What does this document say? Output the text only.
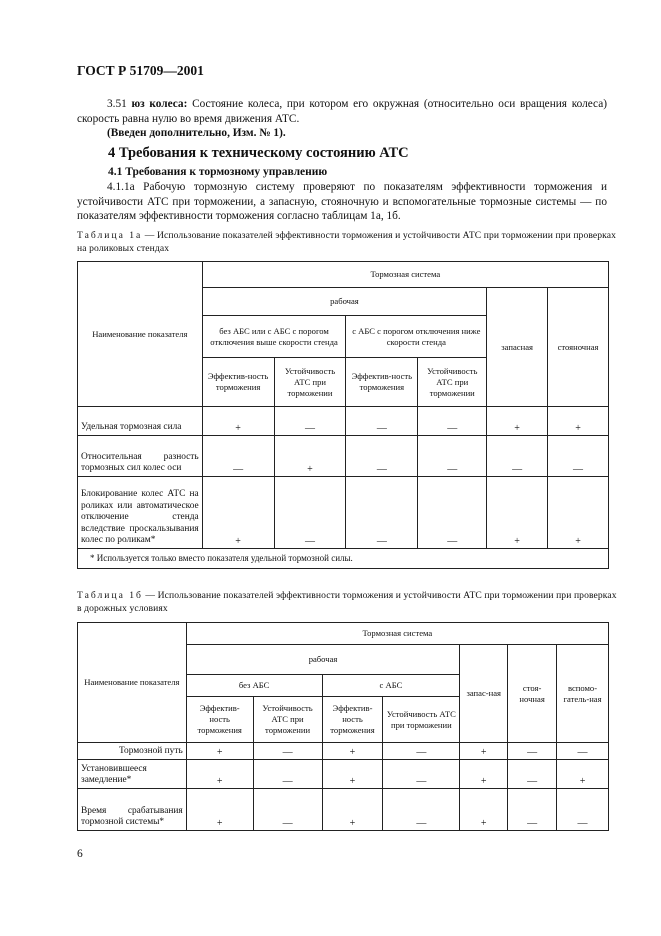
ГОСТ Р 51709—2001
3.51 юз колеса: Состояние колеса, при котором его окружная (относительно оси вращения колеса) скорость равна нулю во время движения АТС.
(Введен дополнительно, Изм. № 1).
4 Требования к техническому состоянию АТС
4.1 Требования к тормозному управлению
4.1.1а Рабочую тормозную систему проверяют по показателям эффективности торможения и устойчивости АТС при торможении, а запасную, стояночную и вспомогательные тормозные системы — по показателям эффективности торможения согласно таблицам 1а, 1б.
Таблица 1а — Использование показателей эффективности торможения и устойчивости АТС при торможении при проверках на роликовых стендах
Наименование показателя	Тормозная система					
	рабочая				запасная	стояночная
	без АБС или с АБС с порогом отключения выше скорости стенда		с АБС с порогом отключения ниже скорости стенда			
	Эффектив-ность торможения	Устойчивость АТС при торможении	Эффектив-ность торможения	Устойчивость АТС при торможении		
Удельная тормозная сила	+	—	—	—	+	+
Относительная разность тормозных сил колес оси	—	+	—	—	—	—
Блокирование колес АТС на роликах или автоматическое отключение стенда вследствие проскальзывания колес по роликам*	+	—	—	—	+	+
* Используется только вместо показателя удельной тормозной силы.						
Таблица 1б — Использование показателей эффективности торможения и устойчивости АТС при торможении при проверках в дорожных условиях
Наименование показателя	Тормозная система						
	рабочая				запас-ная	стоя-ночная	вспомо-гатель-ная
	без АБС		с АБС				
	Эффектив-ность торможения	Устойчивость АТС при торможении	Эффектив-ность торможения	Устойчивость АТС при торможении			
Тормозной путь	+	—	+	—	+	—	—
Установившееся замедление*	+	—	+	—	+	—	+
Время срабатывания тормозной системы*	+	—	+	—	+	—	—
6
